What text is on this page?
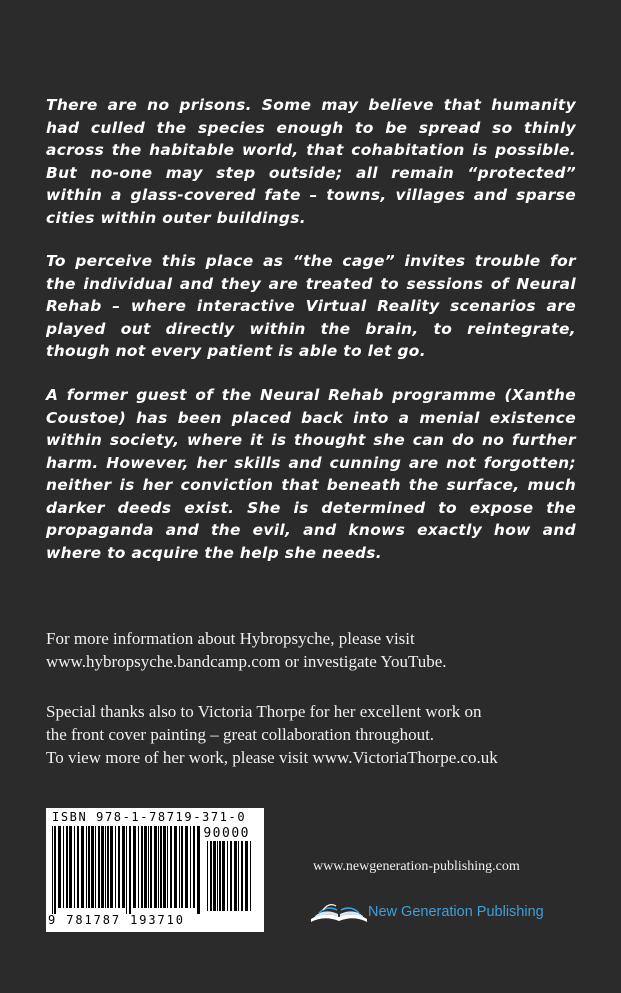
There are no prisons. Some may believe that humanity had culled the species enough to be spread so thinly across the habitable world, that cohabitation is possible. But no-one may step outside; all remain “protected” within a glass-covered fate – towns, villages and sparse cities within outer buildings.

To perceive this place as “the cage” invites trouble for the individual and they are treated to sessions of Neural Rehab – where interactive Virtual Reality scenarios are played out directly within the brain, to reintegrate, though not every patient is able to let go.

A former guest of the Neural Rehab programme (Xanthe Coustoe) has been placed back into a menial existence within society, where it is thought she can do no further harm. However, her skills and cunning are not forgotten; neither is her conviction that beneath the surface, much darker deeds exist. She is determined to expose the propaganda and the evil, and knows exactly how and where to acquire the help she needs.

For more information about Hybropsyche, please visit
www.hybropsyche.bandcamp.com or investigate YouTube.

Special thanks also to Victoria Thorpe for her excellent work on
the front cover painting – great collaboration throughout.
To view more of her work, please visit www.VictoriaThorpe.co.uk

ISBN 978-1-78719-371-0
90000
9 781787 193710
www.newgeneration-publishing.com
New Generation Publishing
